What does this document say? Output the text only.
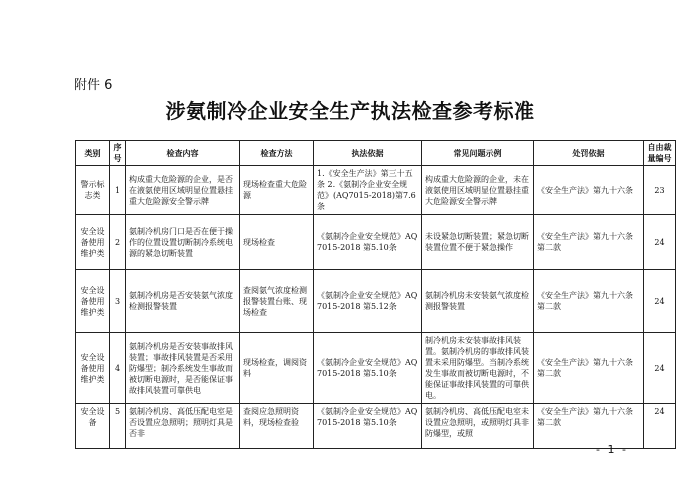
附件 6
涉氨制冷企业安全生产执法检查参考标准
类别	序号	检查内容	检查方法	执法依据	常见问题示例	处罚依据	自由裁量编号
警示标志类	1	构成重大危险源的企业，是否在液氨使用区域明显位置悬挂重大危险源安全警示牌	现场检查重大危险源	1.《安全生产法》第三十五条 2.《氨制冷企业安全规范》(AQ7015-2018)第7.6条	构成重大危险源的企业，未在液氨使用区域明显位置悬挂重大危险源安全警示牌	《安全生产法》第九十六条	23
安全设备使用维护类	2	氨制冷机房门口是否在便于操作的位置设置切断制冷系统电源的紧急切断装置	现场检查	《氨制冷企业安全规范》AQ7015-2018 第5.10条	未设紧急切断装置；紧急切断装置位置不便于紧急操作	《安全生产法》第九十六条第二款	24
安全设备使用维护类	3	氨制冷机房是否安装氨气浓度检测报警装置	查阅氨气浓度检测报警装置台账、现场检查	《氨制冷企业安全规范》AQ7015-2018 第5.12条	氨制冷机房未安装氨气浓度检测报警装置	《安全生产法》第九十六条第二款	24
安全设备使用维护类	4	氨制冷机房是否安装事故排风装置；事故排风装置是否采用防爆型；制冷系统发生事故而被切断电源时，是否能保证事故排风装置可靠供电	现场检查，调阅资料	《氨制冷企业安全规范》AQ7015-2018 第5.10条	制冷机房未安装事故排风装置。氨制冷机房的事故排风装置未采用防爆型。当制冷系统发生事故而被切断电源时，不能保证事故排风装置的可靠供电。	《安全生产法》第九十六条第二款	24
安全设备	5	氨制冷机房、高低压配电室是否设置应急照明；照明灯具是否非	查阅应急照明资料，现场检查验	《氨制冷企业安全规范》AQ7015-2018 第5.10条	氨制冷机房、高低压配电室未设置应急照明，或照明灯具非防爆型，或照	《安全生产法》第九十六条第二款	24
- 1 -
